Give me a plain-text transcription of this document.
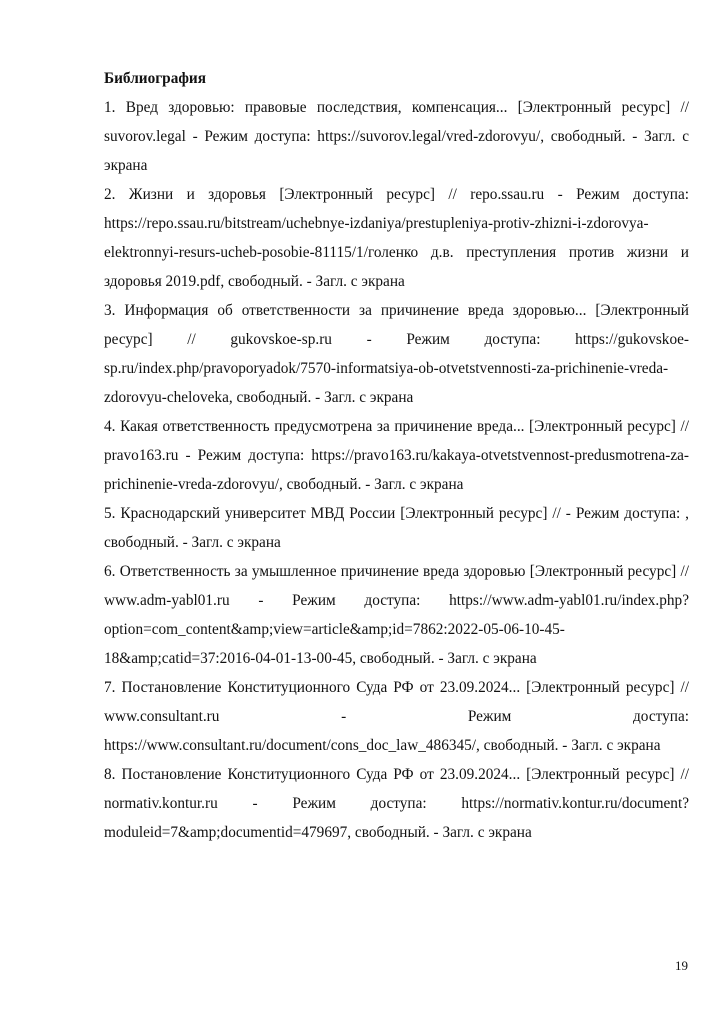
Библиография

1. Вред здоровью: правовые последствия, компенсация... [Электронный ресурс] // suvorov.legal - Режим доступа: https://suvorov.legal/vred-zdorovyu/, свободный. - Загл. с экрана

2. Жизни и здоровья [Электронный ресурс] // repo.ssau.ru - Режим доступа: https://repo.ssau.ru/bitstream/uchebnye-izdaniya/prestupleniya-protiv-zhizni-i-zdorovya-elektronnyi-resurs-ucheb-posobie-81115/1/голенко д.в. преступления против жизни и здоровья 2019.pdf, свободный. - Загл. с экрана

3. Информация об ответственности за причинение вреда здоровью... [Электронный ресурс] // gukovskoe-sp.ru - Режим доступа: https://gukovskoe-sp.ru/index.php/pravoporyadok/7570-informatsiya-ob-otvetstvennosti-za-prichinenie-vreda-zdorovyu-cheloveka, свободный. - Загл. с экрана

4. Какая ответственность предусмотрена за причинение вреда... [Электронный ресурс] // pravo163.ru - Режим доступа: https://pravo163.ru/kakaya-otvetstvennost-predusmotrena-za-prichinenie-vreda-zdorovyu/, свободный. - Загл. с экрана

5. Краснодарский университет МВД России [Электронный ресурс] // - Режим доступа: , свободный. - Загл. с экрана

6. Ответственность за умышленное причинение вреда здоровью [Электронный ресурс] // www.adm-yabl01.ru - Режим доступа: https://www.adm-yabl01.ru/index.php?option=com_content&amp;view=article&amp;id=7862:2022-05-06-10-45-18&amp;catid=37:2016-04-01-13-00-45, свободный. - Загл. с экрана

7. Постановление Конституционного Суда РФ от 23.09.2024... [Электронный ресурс] // www.consultant.ru - Режим доступа: https://www.consultant.ru/document/cons_doc_law_486345/, свободный. - Загл. с экрана

8. Постановление Конституционного Суда РФ от 23.09.2024... [Электронный ресурс] // normativ.kontur.ru - Режим доступа: https://normativ.kontur.ru/document?moduleid=7&amp;documentid=479697, свободный. - Загл. с экрана

19
